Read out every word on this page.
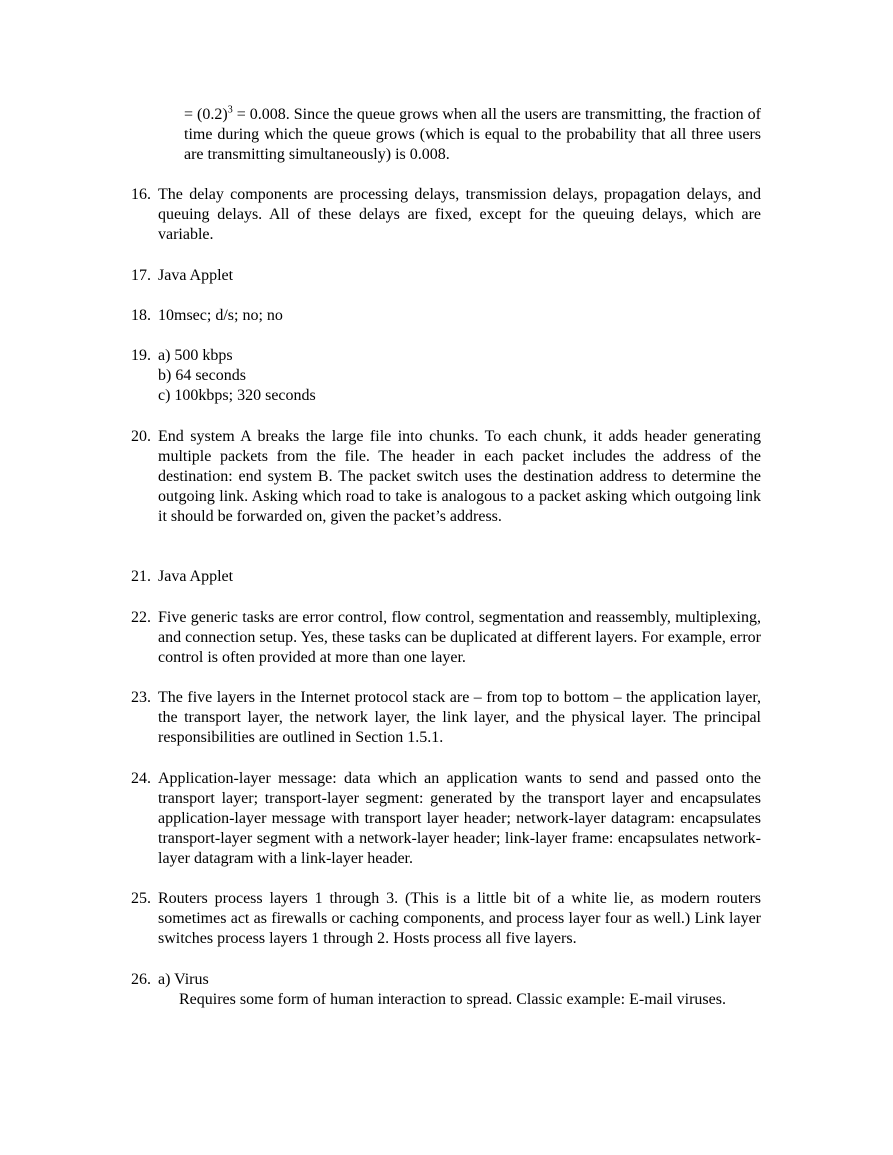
= $(0.2)^3 = 0.008$. Since the queue grows when all the users are transmitting, the fraction of time during which the queue grows (which is equal to the probability that all three users are transmitting simultaneously) is 0.008.
16. The delay components are processing delays, transmission delays, propagation delays, and queuing delays. All of these delays are fixed, except for the queuing delays, which are variable.
17. Java Applet
18. 10msec; d/s; no; no
19. a) 500 kbps
b) 64 seconds
c) 100kbps; 320 seconds
20. End system A breaks the large file into chunks. To each chunk, it adds header generating multiple packets from the file. The header in each packet includes the address of the destination: end system B. The packet switch uses the destination address to determine the outgoing link. Asking which road to take is analogous to a packet asking which outgoing link it should be forwarded on, given the packet’s address.
21. Java Applet
22. Five generic tasks are error control, flow control, segmentation and reassembly, multiplexing, and connection setup. Yes, these tasks can be duplicated at different layers. For example, error control is often provided at more than one layer.
23. The five layers in the Internet protocol stack are – from top to bottom – the application layer, the transport layer, the network layer, the link layer, and the physical layer. The principal responsibilities are outlined in Section 1.5.1.
24. Application-layer message: data which an application wants to send and passed onto the transport layer; transport-layer segment: generated by the transport layer and encapsulates application-layer message with transport layer header; network-layer datagram: encapsulates transport-layer segment with a network-layer header; link-layer frame: encapsulates network-layer datagram with a link-layer header.
25. Routers process layers 1 through 3. (This is a little bit of a white lie, as modern routers sometimes act as firewalls or caching components, and process layer four as well.) Link layer switches process layers 1 through 2. Hosts process all five layers.
26. a) Virus
Requires some form of human interaction to spread. Classic example: E-mail viruses.
